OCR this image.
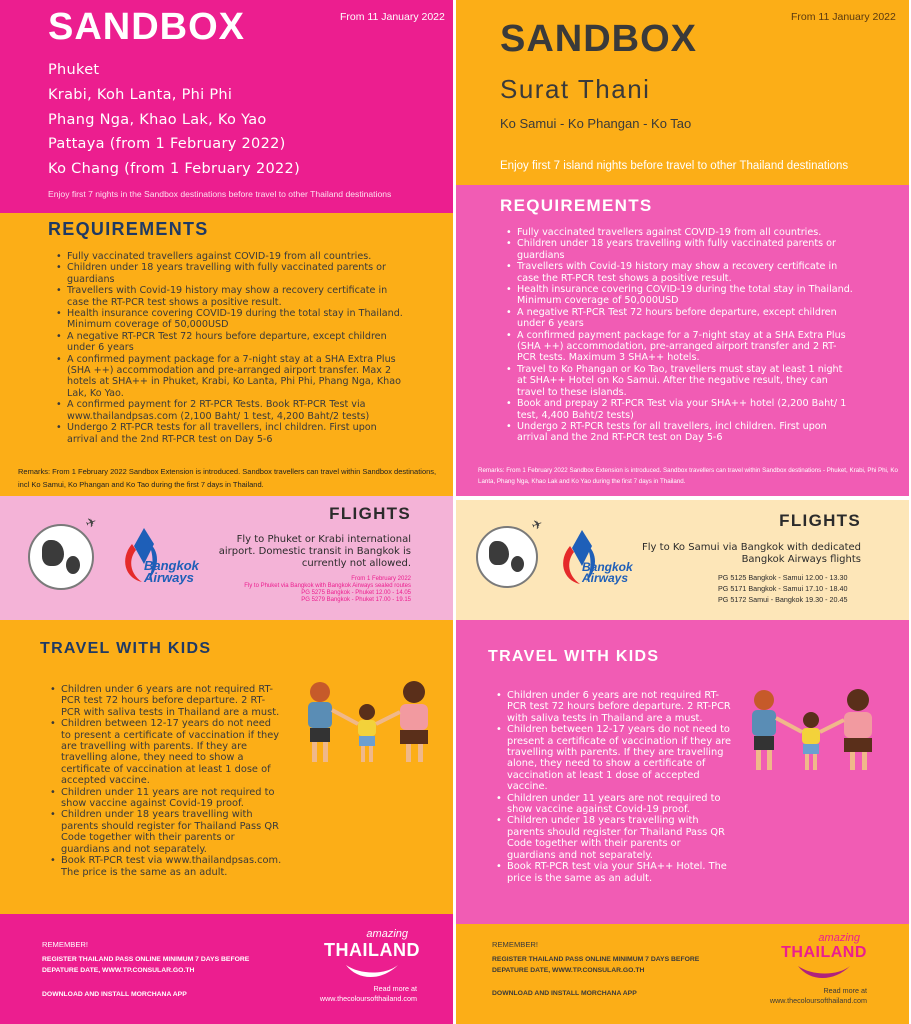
From 11 January 2022
SANDBOX
Phuket
Krabi, Koh Lanta, Phi Phi
Phang Nga, Khao Lak, Ko Yao
Pattaya (from 1 February 2022)
Ko Chang (from 1 February 2022)
Enjoy first 7 nights in the Sandbox destinations before travel to other Thailand destinations
REQUIREMENTS
• Fully vaccinated travellers against COVID-19 from all countries.
• Children under 18 years travelling with fully vaccinated parents or guardians
• Travellers with Covid-19 history may show a recovery certificate in case the RT-PCR test shows a positive result.
• Health insurance covering COVID-19 during the total stay in Thailand. Minimum coverage of 50,000USD
• A negative RT-PCR Test 72 hours before departure, except children under 6 years
• A confirmed payment package for a 7-night stay at a SHA Extra Plus (SHA ++) accommodation and pre-arranged airport transfer. Max 2 hotels at SHA++ in Phuket, Krabi, Ko Lanta, Phi Phi, Phang Nga, Khao Lak, Ko Yao.
• A confirmed payment for 2 RT-PCR Tests. Book RT-PCR Test via www.thailandpsas.com (2,100 Baht/ 1 test, 4,200 Baht/2 tests)
• Undergo 2 RT-PCR tests for all travellers, incl children. First upon arrival and the 2nd RT-PCR test on Day 5-6
Remarks: From 1 February 2022 Sandbox Extension is introduced. Sandbox travellers can travel within Sandbox destinations, incl Ko Samui, Ko Phangan and Ko Tao during the first 7 days in Thailand.
✈
Bangkok
Airways
FLIGHTS
Fly to Phuket or Krabi international airport. Domestic transit in Bangkok is currently not allowed.
From 1 February 2022
Fly to Phuket via Bangkok with Bangkok Airways sealed routes
PG 5275 Bangkok - Phuket 12.00 - 14.05
PG 5279 Bangkok - Phuket 17.00 - 19.15
TRAVEL WITH KIDS
• Children under 6 years are not required RT-PCR test 72 hours before departure. 2 RT-PCR with saliva tests in Thailand are a must.
• Children between 12-17 years do not need to present a certificate of vaccination if they are travelling with parents. If they are travelling alone, they need to show a certificate of vaccination at least 1 dose of accepted vaccine.
• Children under 11 years are not required to show vaccine against Covid-19 proof.
• Children under 18 years travelling with parents should register for Thailand Pass QR Code together with their parents or guardians and not separately.
• Book RT-PCR test via www.thailandpsas.com. The price is the same as an adult.
REMEMBER!
REGISTER THAILAND PASS ONLINE MINIMUM 7 DAYS BEFORE DEPATURE DATE, WWW.TP.CONSULAR.GO.TH
DOWNLOAD AND INSTALL MORCHANA APP
amazing
THAILAND
Read more at
www.thecoloursofthailand.com
From 11 January 2022
SANDBOX
Surat Thani
Ko Samui - Ko Phangan - Ko Tao
Enjoy first 7 island nights before travel to other Thailand destinations
REQUIREMENTS
• Fully vaccinated travellers against COVID-19 from all countries.
• Children under 18 years travelling with fully vaccinated parents or guardians
• Travellers with Covid-19 history may show a recovery certificate in case the RT-PCR test shows a positive result.
• Health insurance covering COVID-19 during the total stay in Thailand. Minimum coverage of 50,000USD
• A negative RT-PCR Test 72 hours before departure, except children under 6 years
• A confirmed payment package for a 7-night stay at a SHA Extra Plus (SHA ++) accommodation, pre-arranged airport transfer and 2 RT-PCR tests. Maximum 3 SHA++ hotels.
• Travel to Ko Phangan or Ko Tao, travellers must stay at least 1 night at SHA++ Hotel on Ko Samui. After the negative result, they can travel to these islands.
• Book and prepay 2 RT-PCR Test via your SHA++ hotel (2,200 Baht/ 1 test, 4,400 Baht/2 tests)
• Undergo 2 RT-PCR tests for all travellers, incl children. First upon arrival and the 2nd RT-PCR test on Day 5-6
Remarks: From 1 February 2022 Sandbox Extension is introduced. Sandbox travellers can travel within Sandbox destinations - Phuket, Krabi, Phi Phi, Ko Lanta, Phang Nga, Khao Lak and Ko Yao during the first 7 days in Thailand.
✈
Bangkok
Airways
FLIGHTS
Fly to Ko Samui via Bangkok with dedicated Bangkok Airways flights
PG 5125 Bangkok - Samui 12.00 - 13.30
PG 5171 Bangkok - Samui 17.10 - 18.40
PG 5172 Samui - Bangkok 19.30 - 20.45
TRAVEL WITH KIDS
• Children under 6 years are not required RT-PCR test 72 hours before departure. 2 RT-PCR with saliva tests in Thailand are a must.
• Children between 12-17 years do not need to present a certificate of vaccination if they are travelling with parents. If they are travelling alone, they need to show a certificate of vaccination at least 1 dose of accepted vaccine.
• Children under 11 years are not required to show vaccine against Covid-19 proof.
• Children under 18 years travelling with parents should register for Thailand Pass QR Code together with their parents or guardians and not separately.
• Book RT-PCR test via your SHA++ Hotel. The price is the same as an adult.
REMEMBER!
REGISTER THAILAND PASS ONLINE MINIMUM 7 DAYS BEFORE DEPATURE DATE, WWW.TP.CONSULAR.GO.TH
DOWNLOAD AND INSTALL MORCHANA APP
amazing
THAILAND
Read more at
www.thecoloursofthailand.com
